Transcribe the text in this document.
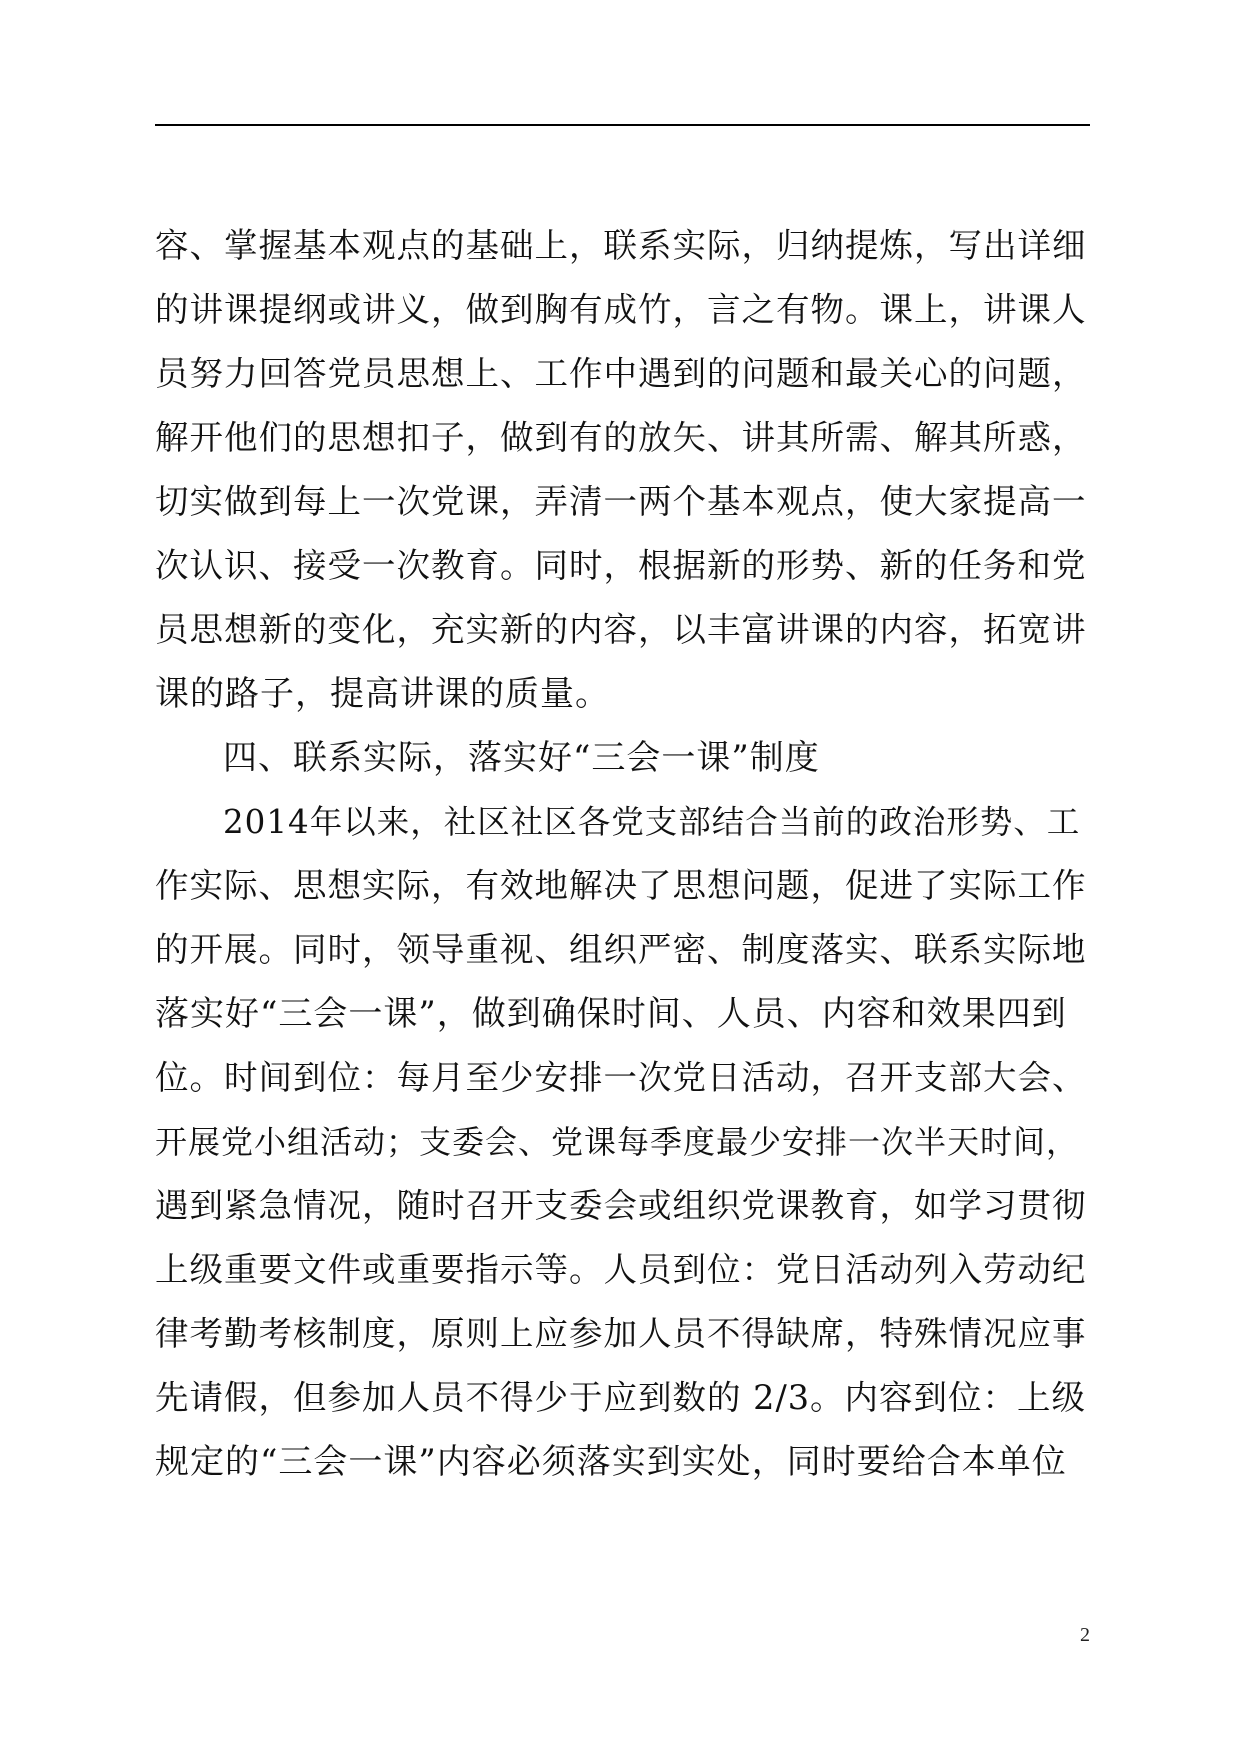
容、掌握基本观点的基础上，联系实际，归纳提炼，写出详细
的讲课提纲或讲义，做到胸有成竹，言之有物。课上，讲课人
员努力回答党员思想上、工作中遇到的问题和最关心的问题，
解开他们的思想扣子，做到有的放矢、讲其所需、解其所惑，
切实做到每上一次党课，弄清一两个基本观点，使大家提高一
次认识、接受一次教育。同时，根据新的形势、新的任务和党
员思想新的变化，充实新的内容，以丰富讲课的内容，拓宽讲
课的路子，提高讲课的质量。
四、联系实际，落实好“三会一课”制度
2014年以来，社区社区各党支部结合当前的政治形势、工
作实际、思想实际，有效地解决了思想问题，促进了实际工作
的开展。同时，领导重视、组织严密、制度落实、联系实际地
落实好“三会一课”，做到确保时间、人员、内容和效果四到
位。时间到位：每月至少安排一次党日活动，召开支部大会、
开展党小组活动；支委会、党课每季度最少安排一次半天时间，
遇到紧急情况，随时召开支委会或组织党课教育，如学习贯彻
上级重要文件或重要指示等。人员到位：党日活动列入劳动纪
律考勤考核制度，原则上应参加人员不得缺席，特殊情况应事
先请假，但参加人员不得少于应到数的 2/3。内容到位：上级
规定的“三会一课”内容必须落实到实处，同时要给合本单位
2
